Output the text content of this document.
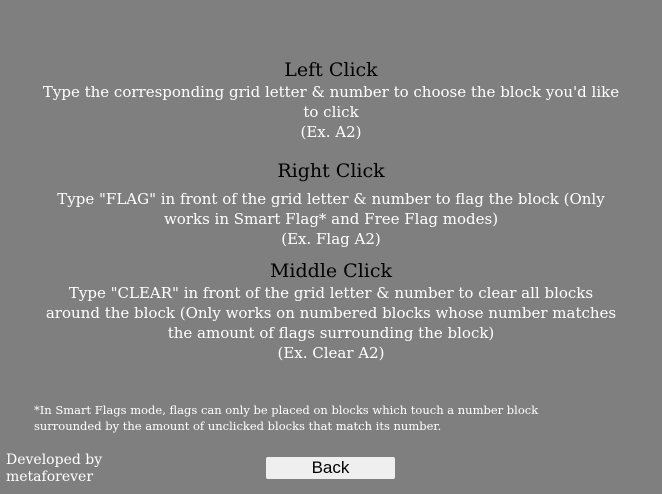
Left Click
Type the corresponding grid letter & number to choose the block you'd like
to click
(Ex. A2)
Right Click
Type "FLAG" in front of the grid letter & number to flag the block (Only
works in Smart Flag* and Free Flag modes)
(Ex. Flag A2)
Middle Click
Type "CLEAR" in front of the grid letter & number to clear all blocks
around the block (Only works on numbered blocks whose number matches
the amount of flags surrounding the block)
(Ex. Clear A2)
*In Smart Flags mode, flags can only be placed on blocks which touch a number block
surrounded by the amount of unclicked blocks that match its number.
Developed by
metaforever	Back
